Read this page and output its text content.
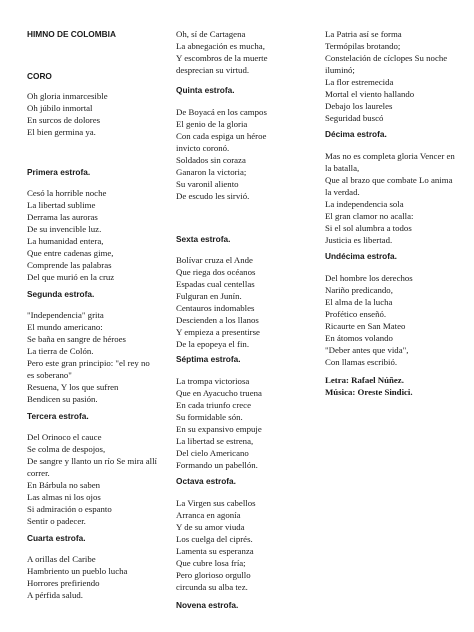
HIMNO DE COLOMBIA
CORO
Oh gloria inmarcesible
Oh júbilo inmortal
En surcos de dolores
El bien germina ya.
Primera estrofa.
Cesó la horrible noche
La libertad sublime
Derrama las auroras
De su invencible luz.
La humanidad entera,
Que entre cadenas gime,
Comprende las palabras
Del que murió en la cruz
Segunda estrofa.
"Independencia" grita
El mundo americano:
Se baña en sangre de héroes
La tierra de Colón.
Pero este gran principio: "el rey no
es soberano"
Resuena, Y los que sufren
Bendicen su pasión.
Tercera estrofa.
Del Orinoco el cauce
Se colma de despojos,
De sangre y llanto un río Se mira allí
correr.
En Bárbula no saben
Las almas ni los ojos
Si admiración o espanto
Sentir o padecer.
Cuarta estrofa.
A orillas del Caribe
Hambriento un pueblo lucha
Horrores prefiriendo
A pérfida salud.
Oh, sí de Cartagena
La abnegación es mucha,
Y escombros de la muerte
desprecian su virtud.
Quinta estrofa.
De Boyacá en los campos
El genio de la gloria
Con cada espiga un héroe
invicto coronó.
Soldados sin coraza
Ganaron la victoria;
Su varonil aliento
De escudo les sirvió.
Sexta estrofa.
Bolívar cruza el Ande
Que riega dos océanos
Espadas cual centellas
Fulguran en Junín.
Centauros indomables
Descienden a los llanos
Y empieza a presentirse
De la epopeya el fin.
Séptima estrofa.
La trompa victoriosa
Que en Ayacucho truena
En cada triunfo crece
Su formidable són.
En su expansivo empuje
La libertad se estrena,
Del cielo Americano
Formando un pabellón.
Octava estrofa.
La Virgen sus cabellos
Arranca en agonía
Y de su amor viuda
Los cuelga del ciprés.
Lamenta su esperanza
Que cubre losa fría;
Pero glorioso orgullo
circunda su alba tez.
Novena estrofa.
La Patria así se forma
Termópilas brotando;
Constelación de cíclopes Su noche
iluminó;
La flor estremecida
Mortal el viento hallando
Debajo los laureles
Seguridad buscó
Décima estrofa.
Mas no es completa gloria Vencer en
la batalla,
Que al brazo que combate Lo anima
la verdad.
La independencia sola
El gran clamor no acalla:
Si el sol alumbra a todos
Justicia es libertad.
Undécima estrofa.
Del hombre los derechos
Nariño predicando,
El alma de la lucha
Profético enseñó.
Ricaurte en San Mateo
En átomos volando
"Deber antes que vida",
Con llamas escribió.
Letra: Rafael Núñez.
Música: Oreste Sindici.
